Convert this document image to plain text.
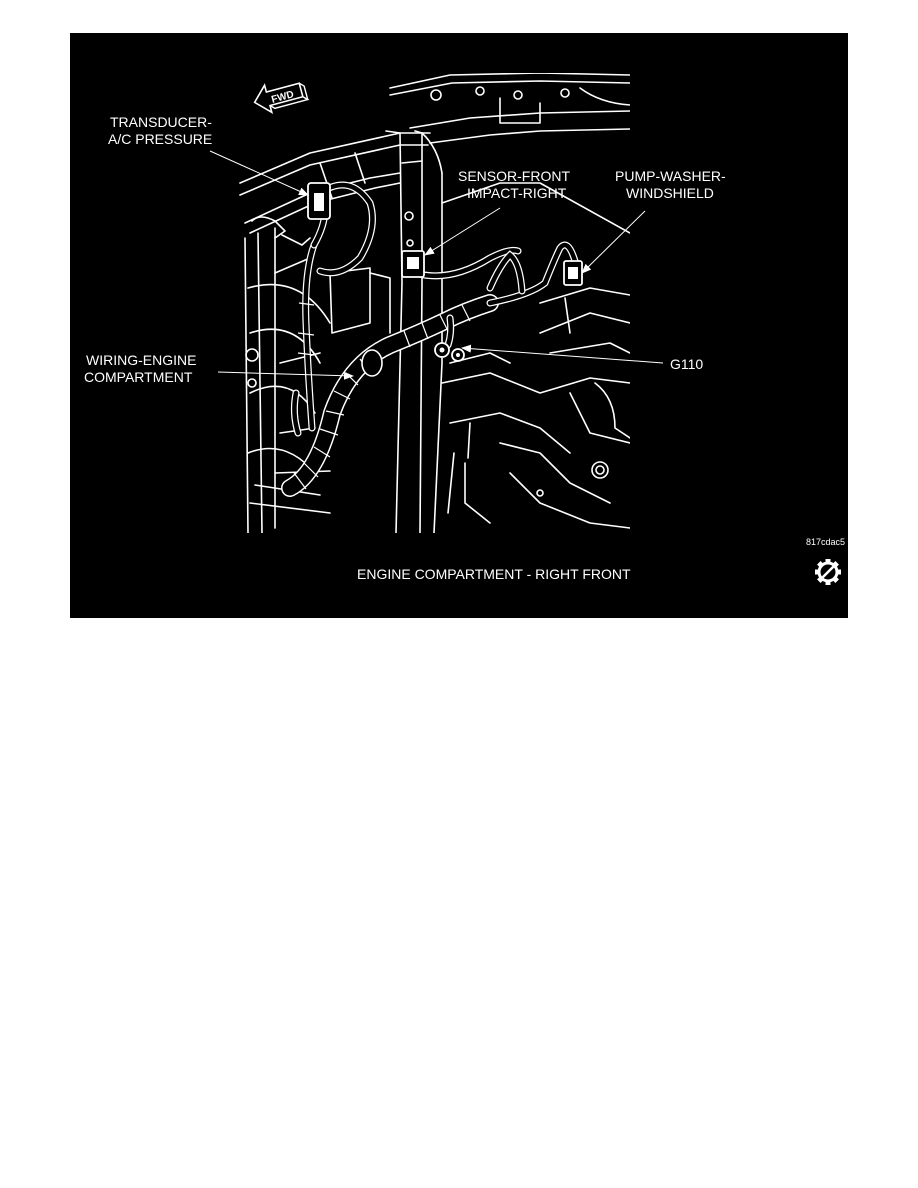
FWD
TRANSDUCER-
A/C PRESSURE
SENSOR-FRONT
IMPACT-RIGHT
PUMP-WASHER-
WINDSHIELD
WIRING-ENGINE
COMPARTMENT
G110
817cdac5
ENGINE COMPARTMENT - RIGHT FRONT
